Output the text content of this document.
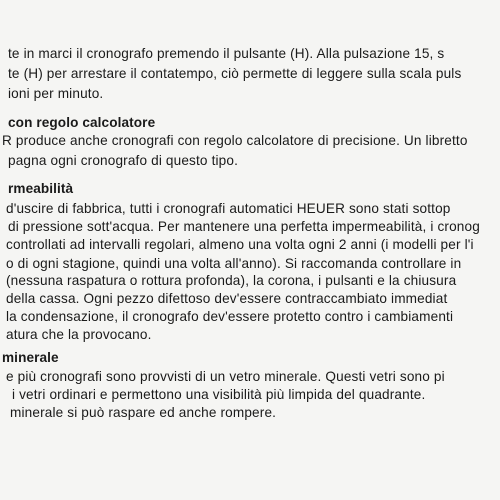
te in marci il cronografo premendo il pulsante (H). Alla pulsazione 15, s
te (H) per arrestare il contatempo, ciò permette di leggere sulla scala puls
ioni per minuto.
con regolo calcolatore
R produce anche cronografi con regolo calcolatore di precisione. Un libretto
pagna ogni cronografo di questo tipo.
rmeabilità
d'uscire di fabbrica, tutti i cronografi automatici HEUER sono stati sottop
di pressione sott'acqua. Per mantenere una perfetta impermeabilità, i cronog
controllati ad intervalli regolari, almeno una volta ogni 2 anni (i modelli per l'i
o di ogni stagione, quindi una volta all'anno). Si raccomanda controllare in
(nessuna raspatura o rottura profonda), la corona, i pulsanti e la chiusura
della cassa. Ogni pezzo difettoso dev'essere contraccambiato immediat
la condensazione, il cronografo dev'essere protetto contro i cambiamenti
atura che la provocano.
minerale
e più cronografi sono provvisti di un vetro minerale. Questi vetri sono pi
i vetri ordinari e permettono una visibilità più limpida del quadrante.
minerale si può raspare ed anche rompere.
